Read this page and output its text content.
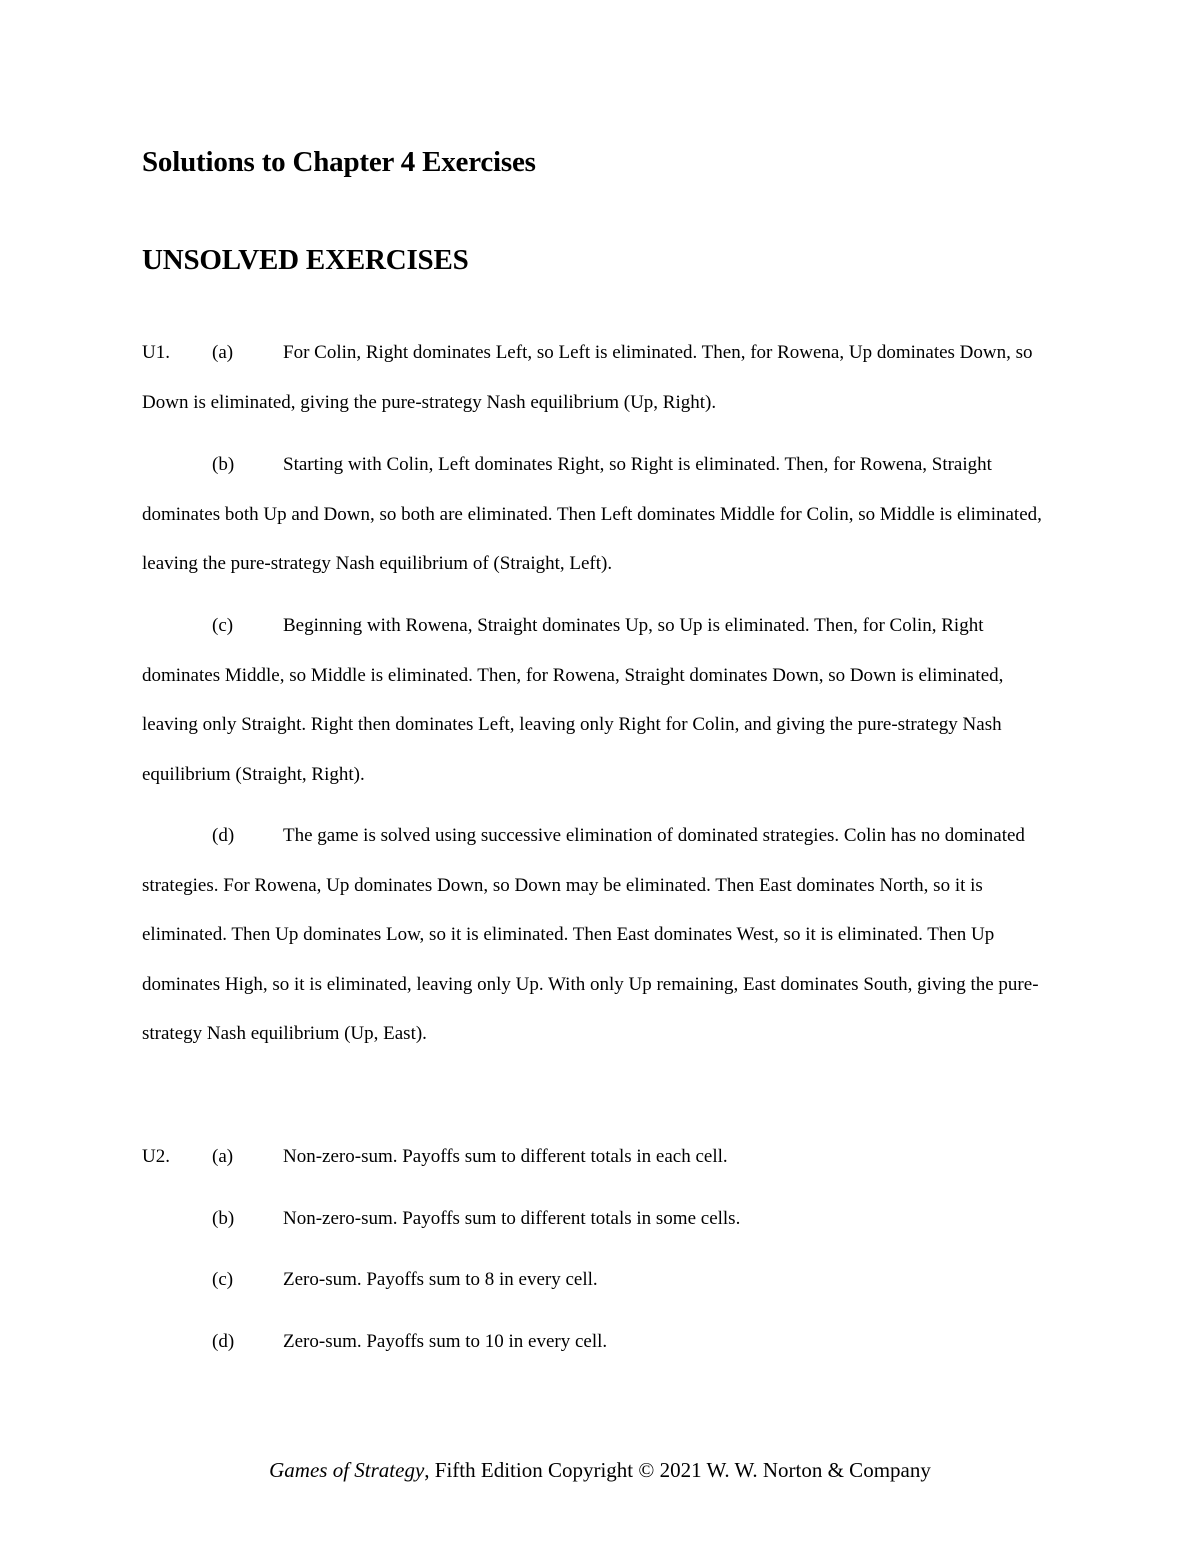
Solutions to Chapter 4 Exercises
UNSOLVED EXERCISES

U1. (a)	For Colin, Right dominates Left, so Left is eliminated. Then, for Rowena, Up dominates Down, so Down is eliminated, giving the pure-strategy Nash equilibrium (Up, Right).

(b)	Starting with Colin, Left dominates Right, so Right is eliminated. Then, for Rowena, Straight dominates both Up and Down, so both are eliminated. Then Left dominates Middle for Colin, so Middle is eliminated, leaving the pure-strategy Nash equilibrium of (Straight, Left).

(c)	Beginning with Rowena, Straight dominates Up, so Up is eliminated. Then, for Colin, Right dominates Middle, so Middle is eliminated. Then, for Rowena, Straight dominates Down, so Down is eliminated, leaving only Straight. Right then dominates Left, leaving only Right for Colin, and giving the pure-strategy Nash equilibrium (Straight, Right).

(d)	The game is solved using successive elimination of dominated strategies. Colin has no dominated strategies. For Rowena, Up dominates Down, so Down may be eliminated. Then East dominates North, so it is eliminated. Then Up dominates Low, so it is eliminated. Then East dominates West, so it is eliminated. Then Up dominates High, so it is eliminated, leaving only Up. With only Up remaining, East dominates South, giving the pure-strategy Nash equilibrium (Up, East).

U2. (a)	Non-zero-sum. Payoffs sum to different totals in each cell.
(b)	Non-zero-sum. Payoffs sum to different totals in some cells.
(c)	Zero-sum. Payoffs sum to 8 in every cell.
(d)	Zero-sum. Payoffs sum to 10 in every cell.

Games of Strategy, Fifth Edition Copyright © 2021 W. W. Norton & Company
